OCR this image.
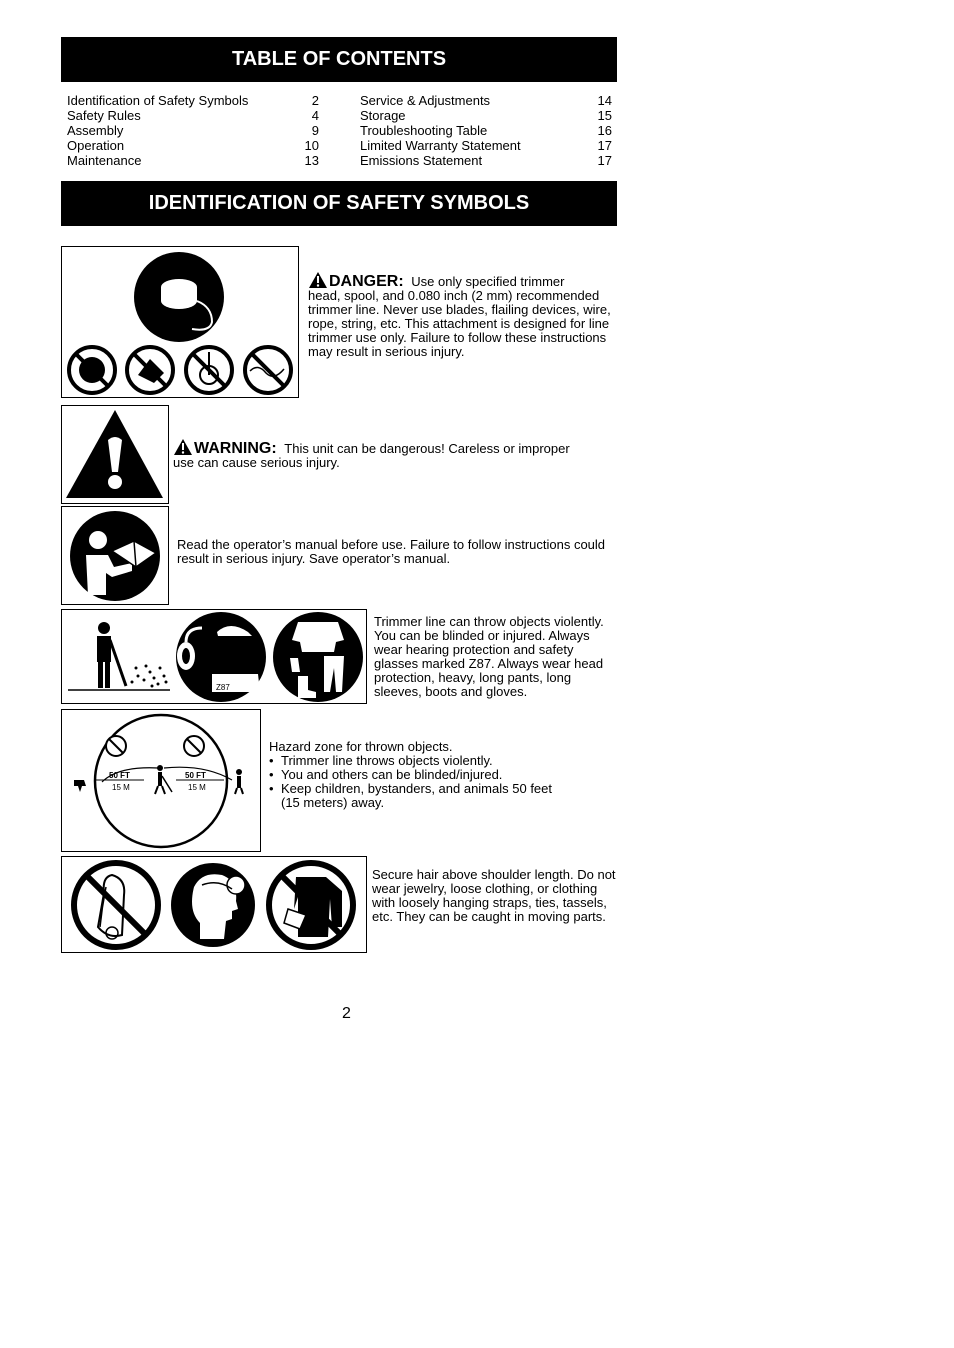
TABLE OF CONTENTS
Identification of Safety Symbols	2
Safety Rules	4
Assembly	9
Operation	10
Maintenance	13
Service & Adjustments	14
Storage	15
Troubleshooting Table	16
Limited Warranty Statement	17
Emissions Statement	17
IDENTIFICATION OF SAFETY SYMBOLS
DANGER: Use only specified trimmer
head, spool, and 0.080 inch (2 mm) recommended trimmer line. Never use blades, flailing devices, wire, rope, string, etc. This attachment is designed for line trimmer use only. Failure to follow these instructions may result in serious injury.
WARNING: This unit can be dangerous! Careless or improper
use can cause serious injury.
Read the operator’s manual before use. Failure to follow instructions could result in serious injury. Save operator’s manual.
Z87
Trimmer line can throw objects violently. You can be blinded or injured. Always wear hearing protection and safety glasses marked Z87. Always wear head protection, heavy, long pants, long sleeves, boots and gloves.
50 FT
15 M
50 FT
15 M
Hazard zone for thrown objects.
• Trimmer line throws objects violently.
• You and others can be blinded/injured.
• Keep children, bystanders, and animals 50 feet (15 meters) away.
Secure hair above shoulder length. Do not wear jewelry, loose clothing, or clothing with loosely hanging straps, ties, tassels, etc. They can be caught in moving parts.
2
